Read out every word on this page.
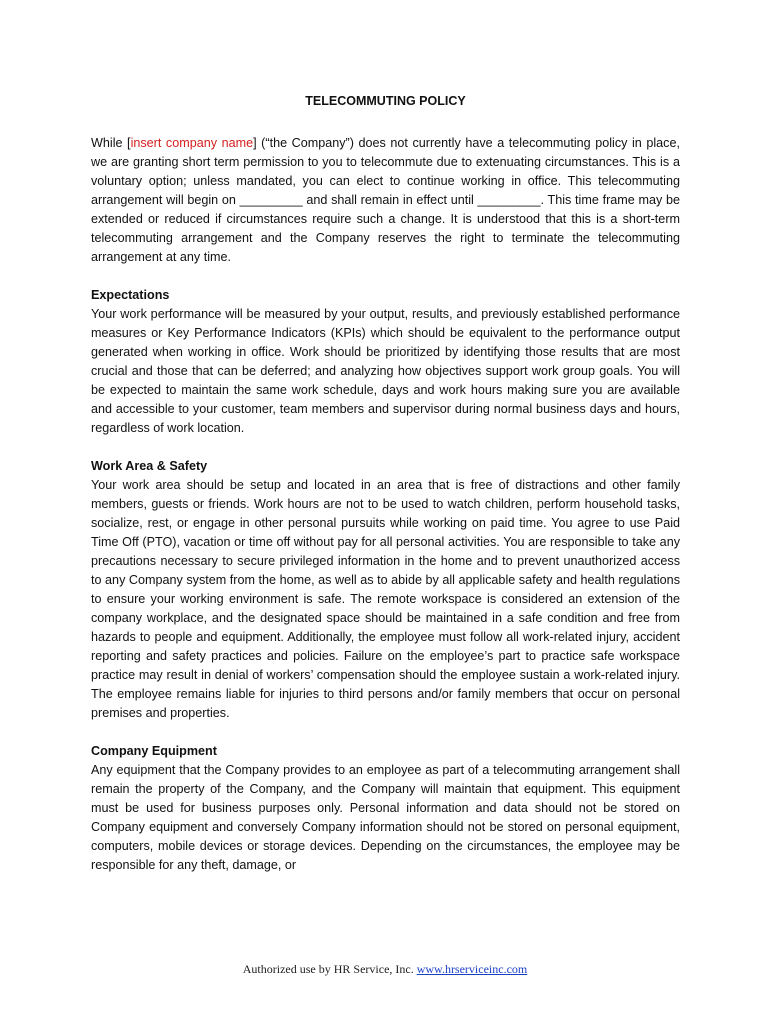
TELECOMMUTING POLICY

While [insert company name] (“the Company”) does not currently have a telecommuting policy in place, we are granting short term permission to you to telecommute due to extenuating circumstances. This is a voluntary option; unless mandated, you can elect to continue working in office. This telecommuting arrangement will begin on _________ and shall remain in effect until _________. This time frame may be extended or reduced if circumstances require such a change. It is understood that this is a short-term telecommuting arrangement and the Company reserves the right to terminate the telecommuting arrangement at any time.

Expectations
Your work performance will be measured by your output, results, and previously established performance measures or Key Performance Indicators (KPIs) which should be equivalent to the performance output generated when working in office. Work should be prioritized by identifying those results that are most crucial and those that can be deferred; and analyzing how objectives support work group goals. You will be expected to maintain the same work schedule, days and work hours making sure you are available and accessible to your customer, team members and supervisor during normal business days and hours, regardless of work location.

Work Area & Safety
Your work area should be setup and located in an area that is free of distractions and other family members, guests or friends. Work hours are not to be used to watch children, perform household tasks, socialize, rest, or engage in other personal pursuits while working on paid time. You agree to use Paid Time Off (PTO), vacation or time off without pay for all personal activities. You are responsible to take any precautions necessary to secure privileged information in the home and to prevent unauthorized access to any Company system from the home, as well as to abide by all applicable safety and health regulations to ensure your working environment is safe. The remote workspace is considered an extension of the company workplace, and the designated space should be maintained in a safe condition and free from hazards to people and equipment. Additionally, the employee must follow all work-related injury, accident reporting and safety practices and policies. Failure on the employee’s part to practice safe workspace practice may result in denial of workers’ compensation should the employee sustain a work-related injury. The employee remains liable for injuries to third persons and/or family members that occur on personal premises and properties.

Company Equipment
Any equipment that the Company provides to an employee as part of a telecommuting arrangement shall remain the property of the Company, and the Company will maintain that equipment. This equipment must be used for business purposes only. Personal information and data should not be stored on Company equipment and conversely Company information should not be stored on personal equipment, computers, mobile devices or storage devices. Depending on the circumstances, the employee may be responsible for any theft, damage, or

Authorized use by HR Service, Inc. www.hrserviceinc.com
